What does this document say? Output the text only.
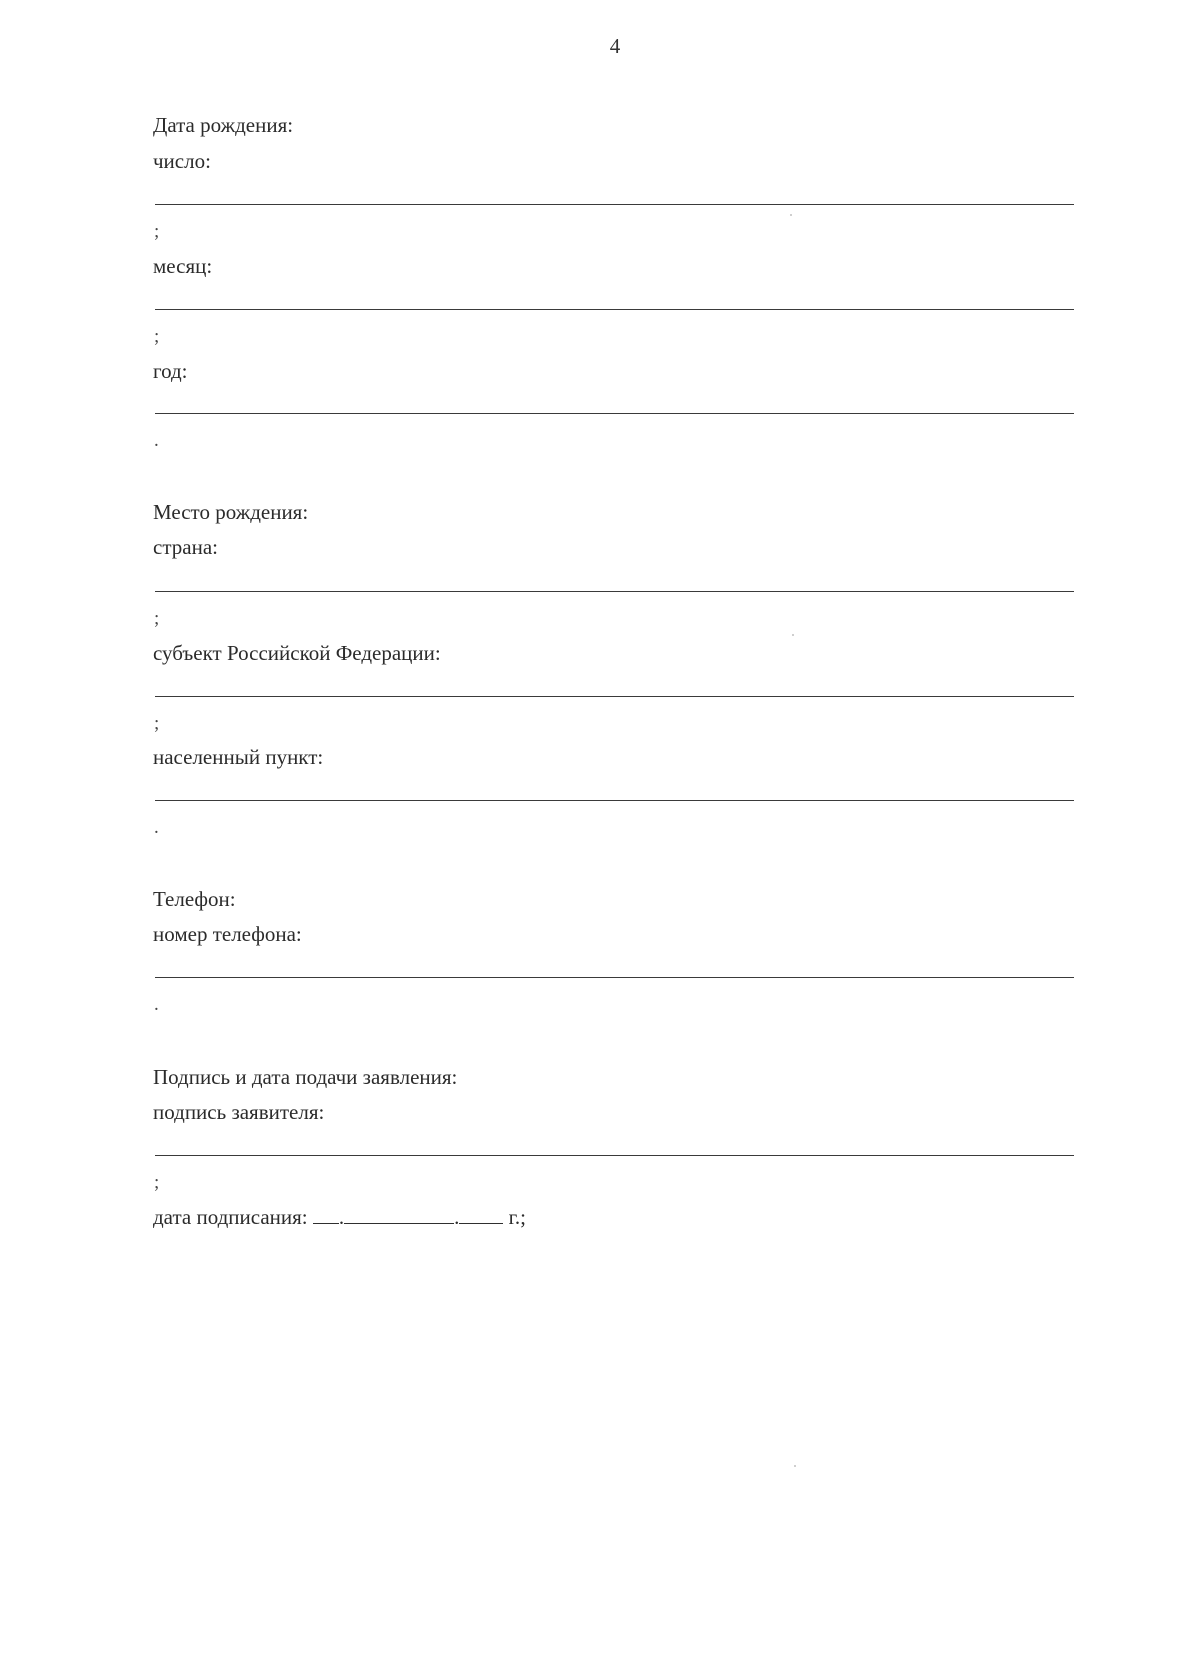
4
Дата рождения:
число:
;
месяц:
;
год:
.
Место рождения:
страна:
;
субъект Российской Федерации:
;
населенный пункт:
.
Телефон:
номер телефона:
.
Подпись и дата подачи заявления:
подпись заявителя:
;
дата подписания: .	. г.;
